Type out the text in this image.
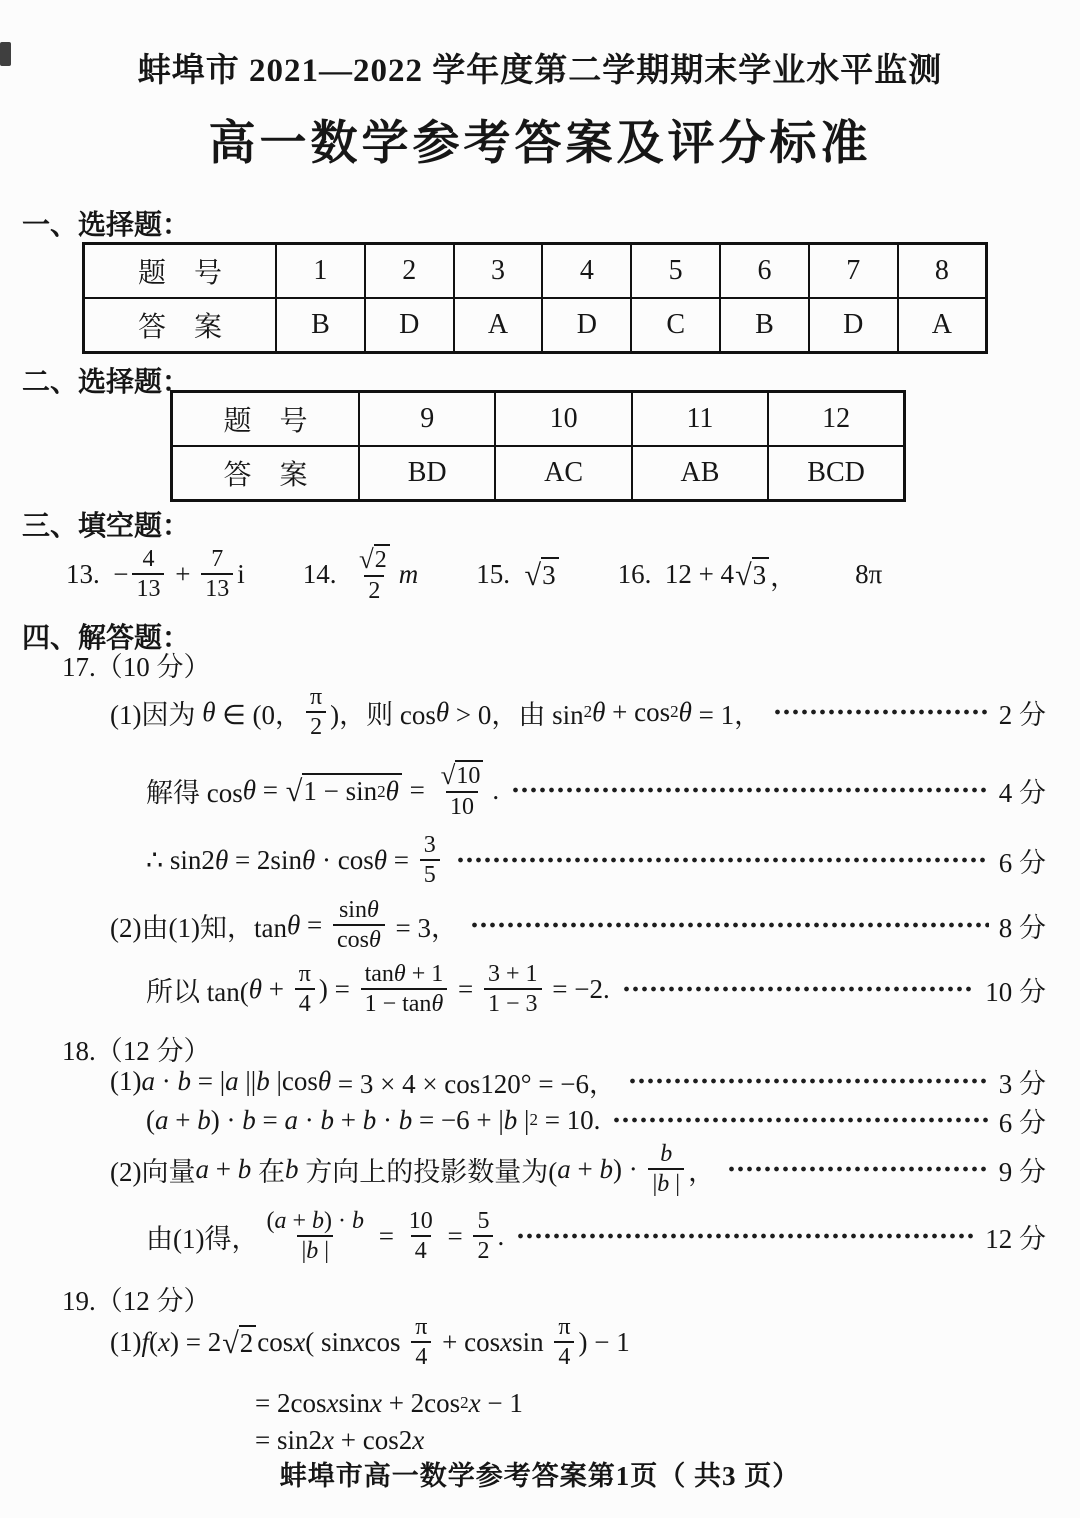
蚌埠市 2021—2022 学年度第二学期期末学业水平监测
高一数学参考答案及评分标准
一、选择题：
题　号	1	2	3	4	5	6	7	8
答　案	B	D	A	D	C	B	D	A
二、选择题：
题　号	9	10	11	12
答　案	BD	AC	AB	BCD
三、填空题：
13.  − $\frac{4}{13} + \frac{7}{13}$ i 14. $\frac{√ 2}{2}$ m 15. √ 3 16.  12 + 4 √ 3 ， 8π
四、解答题：
17.（10 分）
(1)因为 θ ∈ (0， $\frac{\pi}{2}$ )，则 cos θ > 0，由 sin 2 θ + cos 2 θ = 1，	2 分
解得 cos θ = √ 1 − sin 2 $\theta = \frac{√ 10}{10}$ .	4 分
∴ sin2 θ = 2sin $\theta \cdot \cos \theta = \frac{3}{5}$	6 分
(2)由(1)知，$\tan \theta = \frac{\text{sin θ}}{\text{cos θ}} = 3$，	8 分
所以 tan( $\theta + \frac{\pi}{4}$ ) = $\frac{\text{tan θ + 1}}{\text{1 − tan θ}} = \frac{3 + 1}{1 - 3} = -2$.	10 分
18.（12 分）
(1) a · b = | a || b |cos θ = 3 × 4 × cos120° = −6，	3 分
( a + b ) · b = a · b + b · b = −6 + | b | 2 = 10.	6 分
(2)向量 a + b 在 b 方向上的投影数量为( a + b ) · $\frac{b}{| b |}$ ，	9 分
由(1)得， $\frac{( a + b ) \cdot b}{| b |} = \frac{10}{4} = \frac{5}{2}$ .	12 分
19.（12 分）
(1) f ( x ) = 2 √ 2 cos x ( sin x $\cos \frac{\pi}{4} + \cos x$ $\sin \frac{\pi}{4}$ ) − 1
= 2cos x sin x + 2cos 2 x − 1
= sin2 x + cos2 x
蚌埠市高一数学参考答案第1页（ 共3 页）
